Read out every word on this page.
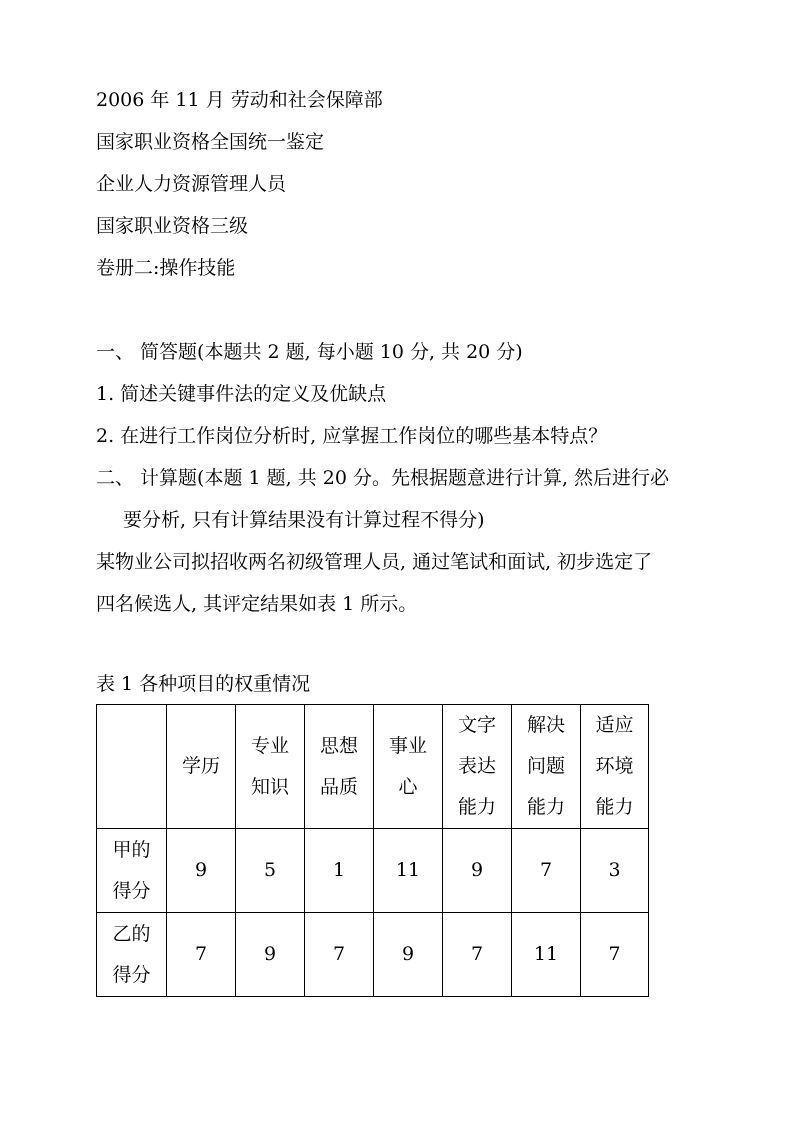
2006 年 11 月 劳动和社会保障部
国家职业资格全国统一鉴定
企业人力资源管理人员
国家职业资格三级
卷册二:操作技能
一、 简答题(本题共 2 题, 每小题 10 分, 共 20 分)
1. 简述关键事件法的定义及优缺点
2. 在进行工作岗位分析时, 应掌握工作岗位的哪些基本特点？
二、 计算题(本题 1 题, 共 20 分。先根据题意进行计算, 然后进行必
要分析, 只有计算结果没有计算过程不得分)
某物业公司拟招收两名初级管理人员, 通过笔试和面试, 初步选定了
四名候选人, 其评定结果如表 1 所示。
表 1 各种项目的权重情况
	学历	专业知识	思想品质	事业心	文字表达能力	解决问题能力	适应环境能力
甲的得分	9	5	1	11	9	7	3
乙的得分	7	9	7	9	7	11	7
